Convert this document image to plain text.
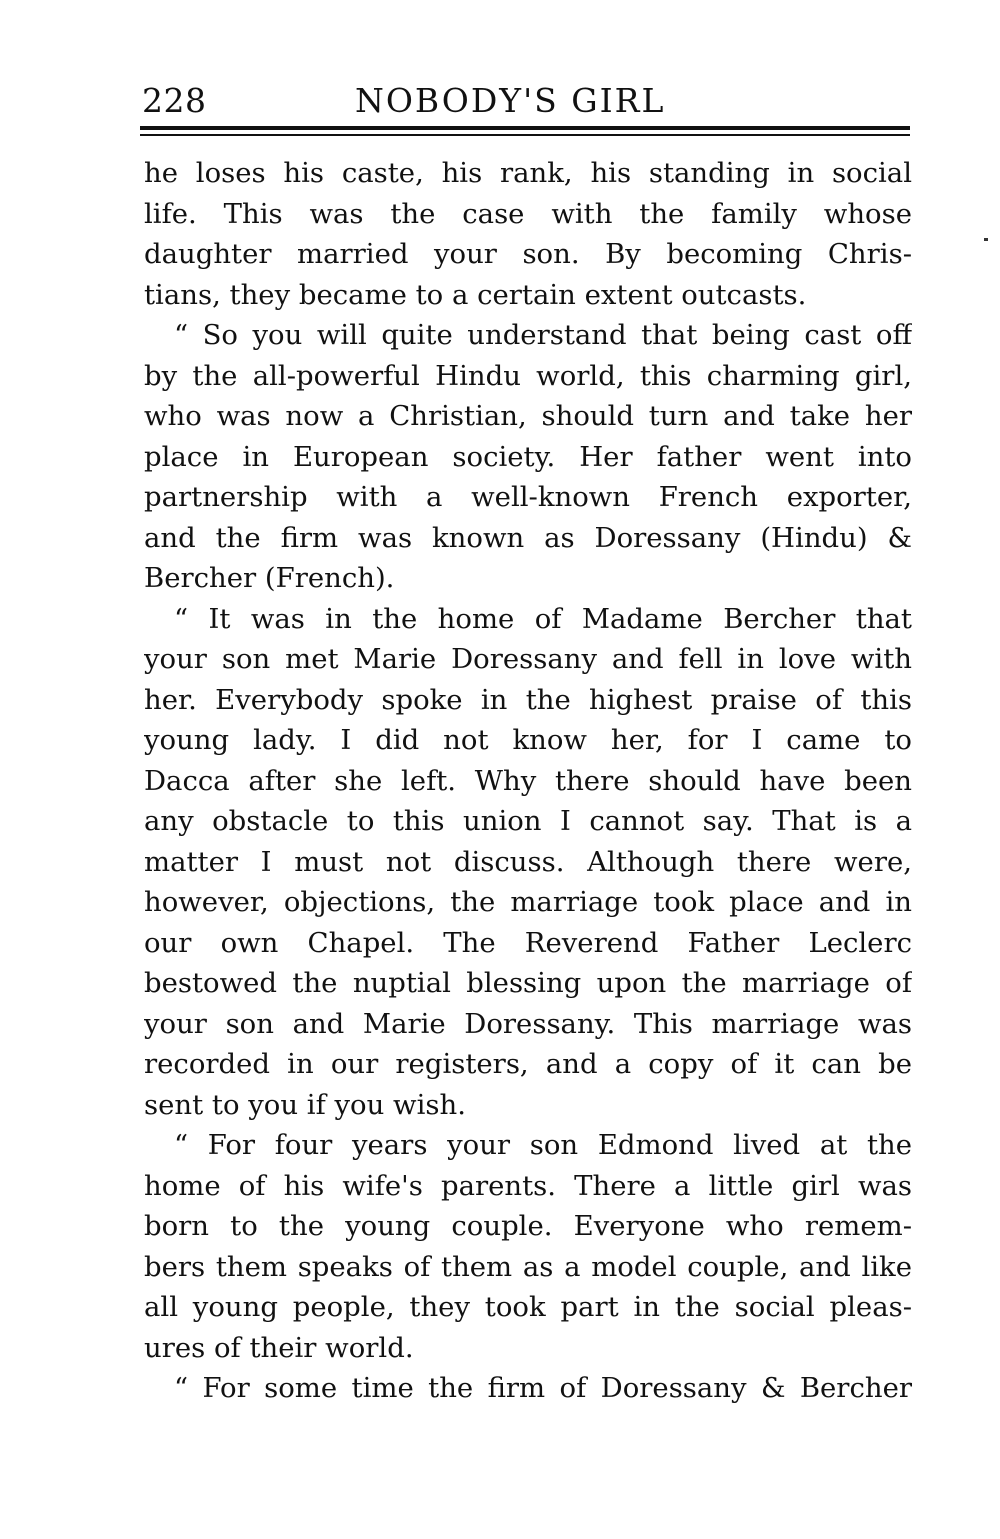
228	NOBODY'S GIRL
he loses his caste, his rank, his standing in social
life. This was the case with the family whose
daughter married your son. By becoming Chris-
tians, they became to a certain extent outcasts.
“ So you will quite understand that being cast off
by the all-powerful Hindu world, this charming girl,
who was now a Christian, should turn and take her
place in European society. Her father went into
partnership with a well-known French exporter,
and the firm was known as Doressany (Hindu) &
Bercher (French).
“ It was in the home of Madame Bercher that
your son met Marie Doressany and fell in love with
her. Everybody spoke in the highest praise of this
young lady. I did not know her, for I came to
Dacca after she left. Why there should have been
any obstacle to this union I cannot say. That is a
matter I must not discuss. Although there were,
however, objections, the marriage took place and in
our own Chapel. The Reverend Father Leclerc
bestowed the nuptial blessing upon the marriage of
your son and Marie Doressany. This marriage was
recorded in our registers, and a copy of it can be
sent to you if you wish.
“ For four years your son Edmond lived at the
home of his wife's parents. There a little girl was
born to the young couple. Everyone who remem-
bers them speaks of them as a model couple, and like
all young people, they took part in the social pleas-
ures of their world.
“ For some time the firm of Doressany & Bercher
